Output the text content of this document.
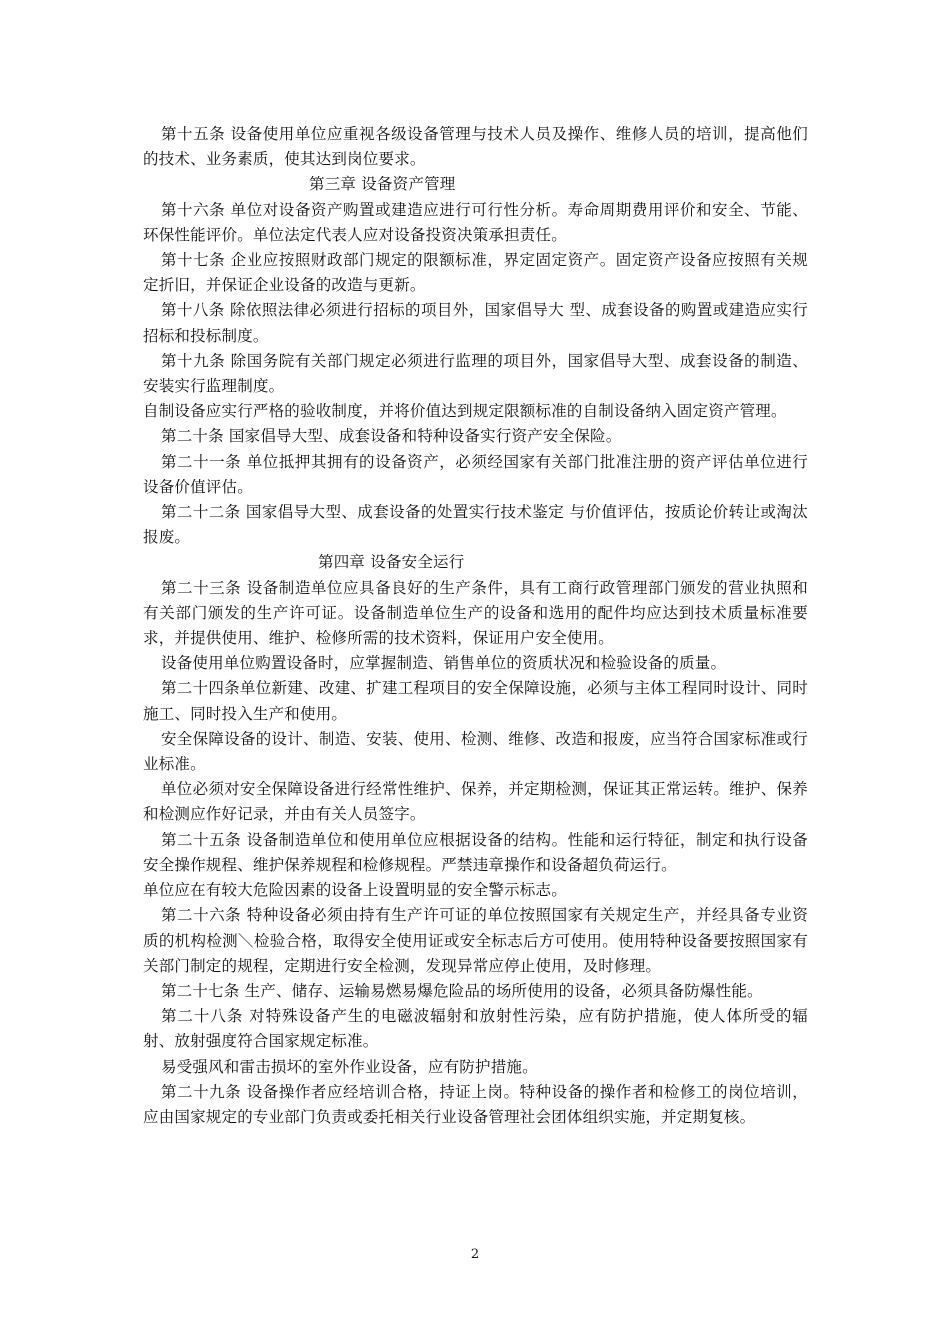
第十五条 设备使用单位应重视各级设备管理与技术人员及操作、维修人员的培训，提高他们的技术、业务素质，使其达到岗位要求。

第三章 设备资产管理

第十六条 单位对设备资产购置或建造应进行可行性分析。寿命周期费用评价和安全、节能、环保性能评价。单位法定代表人应对设备投资决策承担责任。

第十七条 企业应按照财政部门规定的限额标准，界定固定资产。固定资产设备应按照有关规定折旧，并保证企业设备的改造与更新。

第十八条 除依照法律必须进行招标的项目外，国家倡导大 型、成套设备的购置或建造应实行招标和投标制度。

第十九条 除国务院有关部门规定必须进行监理的项目外，国家倡导大型、成套设备的制造、安装实行监理制度。

自制设备应实行严格的验收制度，并将价值达到规定限额标准的自制设备纳入固定资产管理。

第二十条 国家倡导大型、成套设备和特种设备实行资产安全保险。

第二十一条 单位抵押其拥有的设备资产，必须经国家有关部门批准注册的资产评估单位进行设备价值评估。

第二十二条 国家倡导大型、成套设备的处置实行技术鉴定 与价值评估，按质论价转让或淘汰报废。

第四章 设备安全运行

第二十三条 设备制造单位应具备良好的生产条件，具有工商行政管理部门颁发的营业执照和有关部门颁发的生产许可证。设备制造单位生产的设备和选用的配件均应达到技术质量标准要求，并提供使用、维护、检修所需的技术资料，保证用户安全使用。

设备使用单位购置设备时，应掌握制造、销售单位的资质状况和检验设备的质量。

第二十四条单位新建、改建、扩建工程项目的安全保障设施，必须与主体工程同时设计、同时施工、同时投入生产和使用。

安全保障设备的设计、制造、安装、使用、检测、维修、改造和报废，应当符合国家标准或行业标准。

单位必须对安全保障设备进行经常性维护、保养，并定期检测，保证其正常运转。维护、保养和检测应作好记录，并由有关人员签字。

第二十五条 设备制造单位和使用单位应根据设备的结构。性能和运行特征，制定和执行设备安全操作规程、维护保养规程和检修规程。严禁违章操作和设备超负荷运行。

单位应在有较大危险因素的设备上设置明显的安全警示标志。

第二十六条 特种设备必须由持有生产许可证的单位按照国家有关规定生产，并经具备专业资质的机构检测＼检验合格，取得安全使用证或安全标志后方可使用。使用特种设备要按照国家有关部门制定的规程，定期进行安全检测，发现异常应停止使用，及时修理。

第二十七条 生产、储存、运输易燃易爆危险品的场所使用的设备，必须具备防爆性能。

第二十八条 对特殊设备产生的电磁波辐射和放射性污染，应有防护措施，使人体所受的辐射、放射强度符合国家规定标准。

易受强风和雷击损坏的室外作业设备，应有防护措施。

第二十九条 设备操作者应经培训合格，持证上岗。特种设备的操作者和检修工的岗位培训，应由国家规定的专业部门负责或委托相关行业设备管理社会团体组织实施，并定期复核。

2
